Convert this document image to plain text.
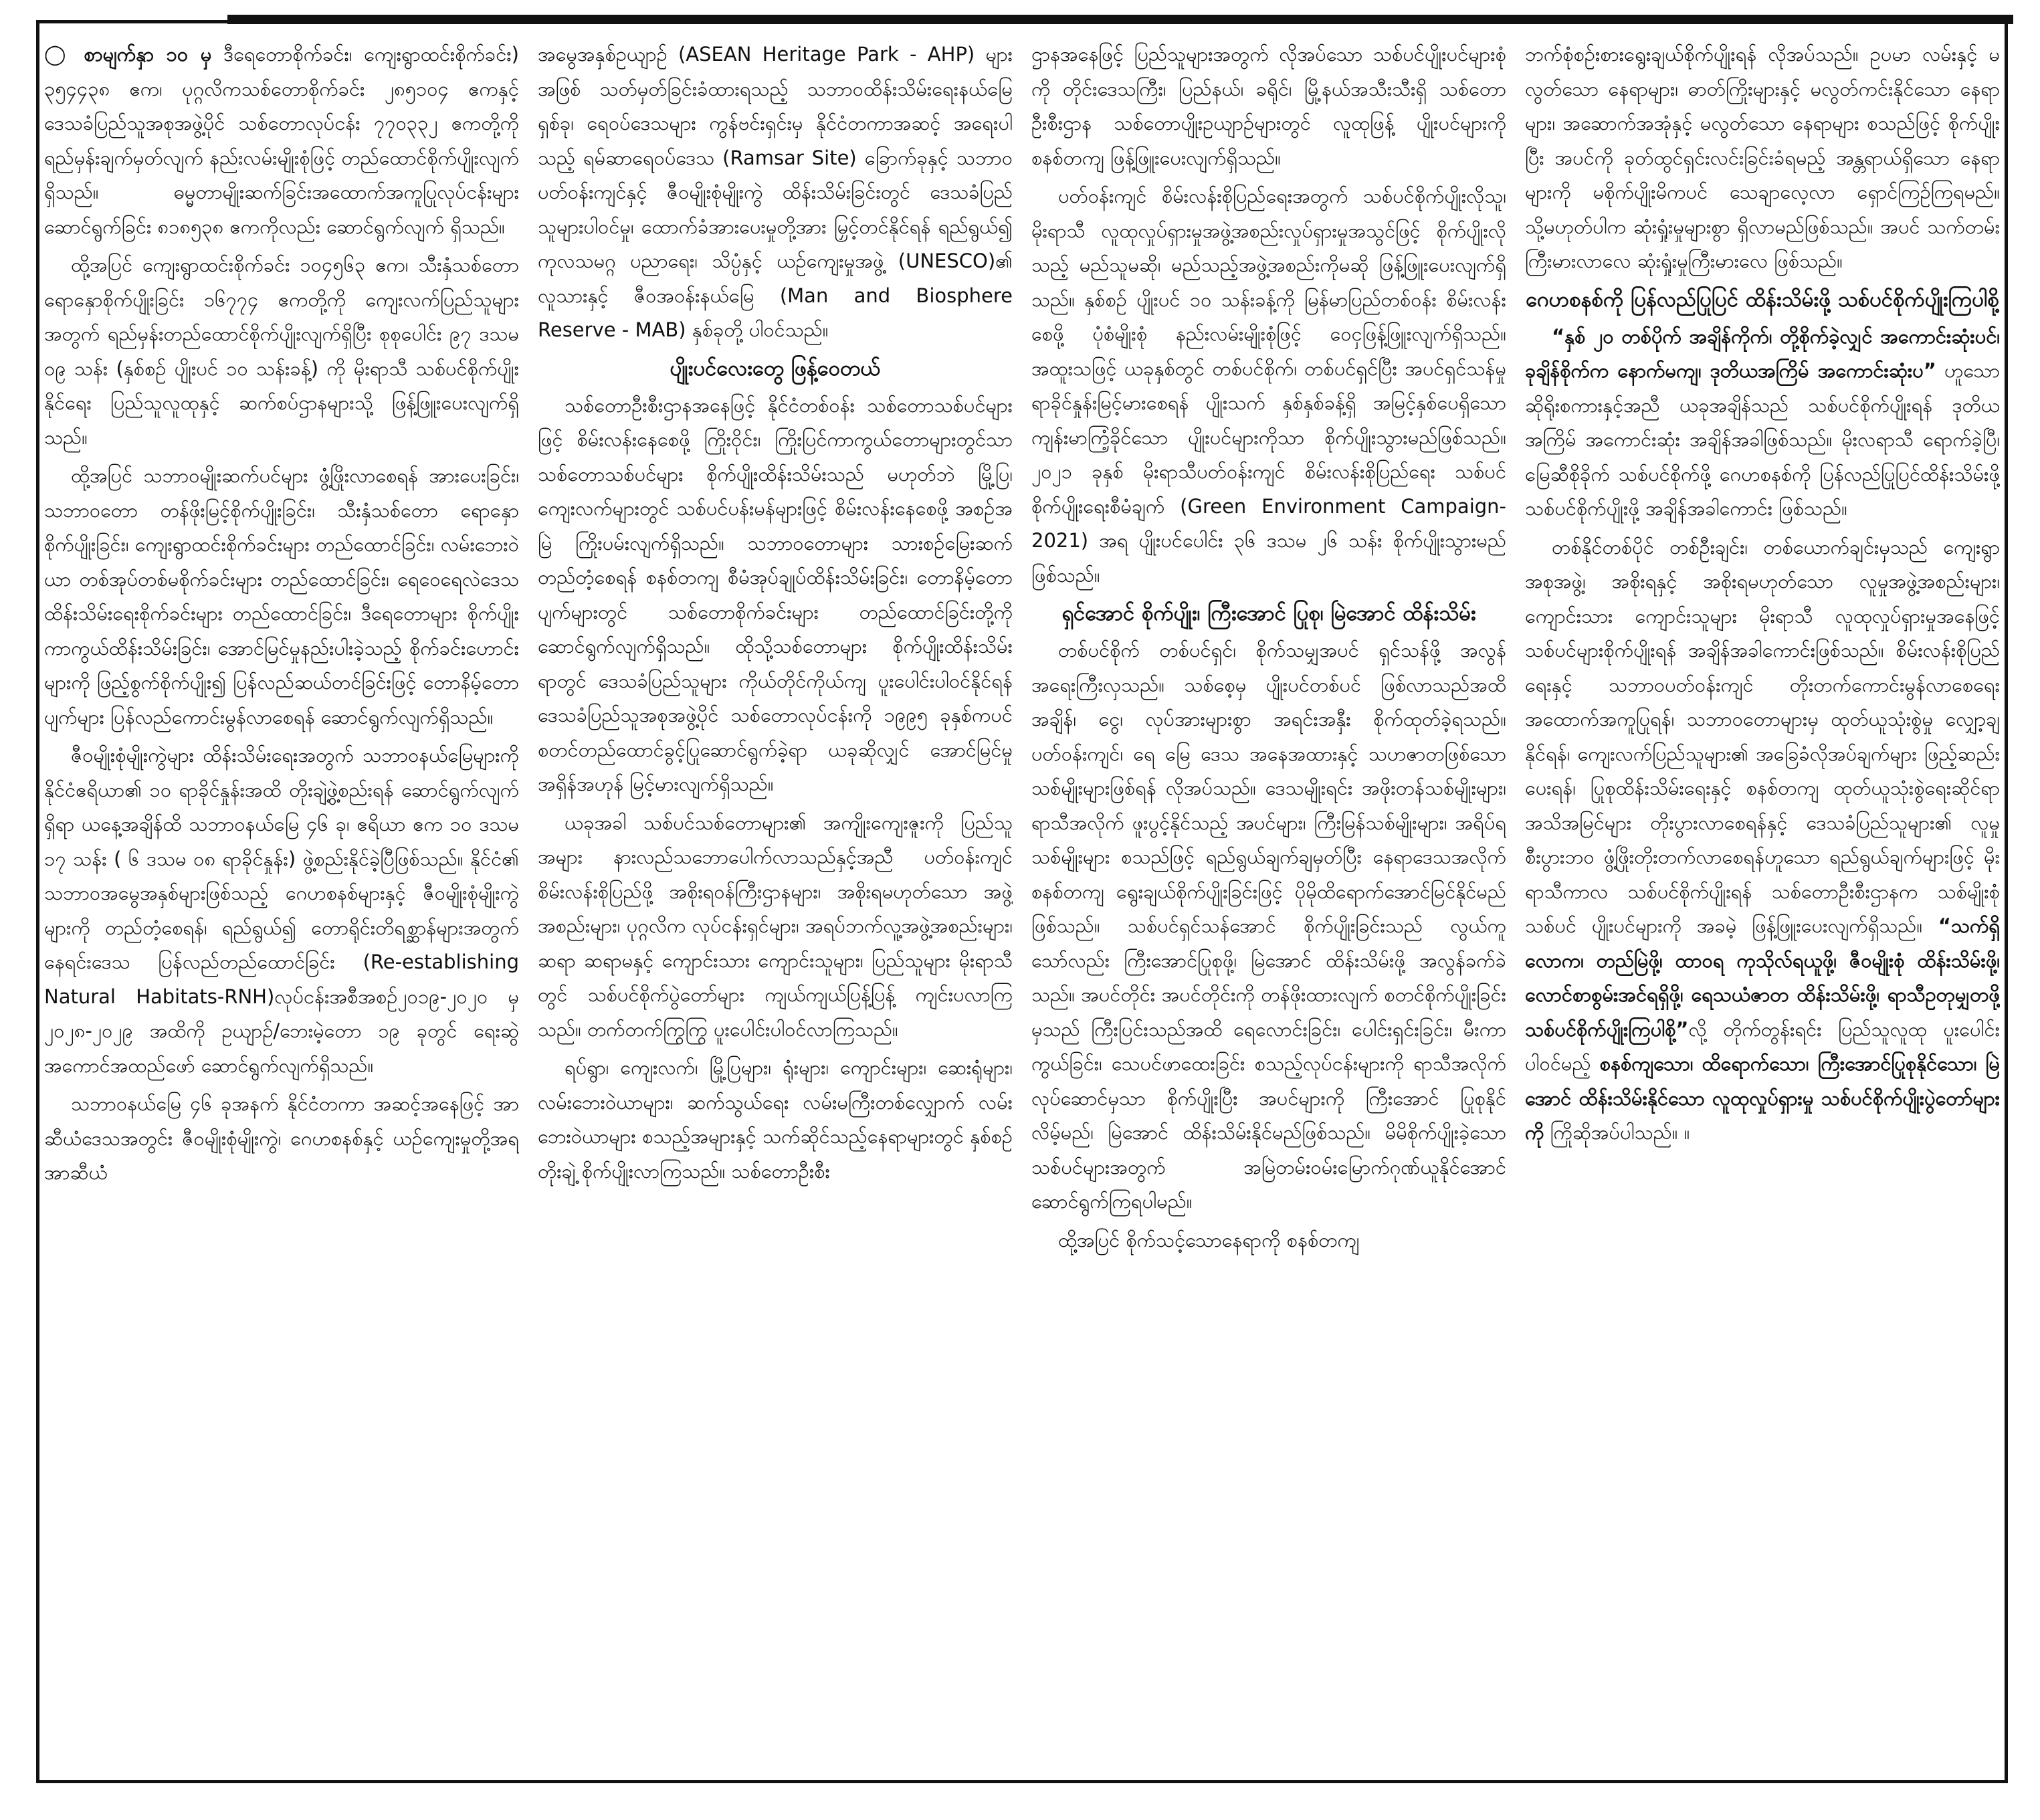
◯ စာမျက်နှာ ၁၀ မှ ဒီရေတောစိုက်ခင်း၊ ကျေးရွာထင်းစိုက်ခင်း) ၃၅၄၄၃၈ ဧက၊ ပုဂ္ဂလိကသစ်တောစိုက်ခင်း ၂၈၅၁၀၄ ဧကနှင့် ဒေသခံပြည်သူအစုအဖွဲ့ပိုင် သစ်တောလုပ်ငန်း ၇၇၀၃၃၂ ဧကတို့ကို ရည်မှန်းချက်မှတ်လျက် နည်းလမ်းမျိုးစုံဖြင့် တည်ထောင်စိုက်ပျိုးလျက်ရှိသည်။ ဓမ္မတာမျိုးဆက်ခြင်းအထောက်အကူပြုလုပ်ငန်းများ ဆောင်ရွက်ခြင်း ၈၁၈၅၃၈ ဧကကိုလည်း ဆောင်ရွက်လျက် ရှိသည်။

ထို့အပြင် ကျေးရွာထင်းစိုက်ခင်း ၁၀၄၅၆၃ ဧက၊ သီးနှံသစ်တောရောနှောစိုက်ပျိုးခြင်း ၁၆၇၇၄ ဧကတို့ကို ကျေးလက်ပြည်သူများအတွက် ရည်မှန်းတည်ထောင်စိုက်ပျိုးလျက်ရှိပြီး စုစုပေါင်း ၉၇ ဒသမ ၀၉ သန်း (နှစ်စဉ် ပျိုးပင် ၁၀ သန်းခန့်) ကို မိုးရာသီ သစ်ပင်စိုက်ပျိုးနိုင်ရေး ပြည်သူလူထုနှင့် ဆက်စပ်ဌာနများသို့ ဖြန့်ဖြူးပေးလျက်ရှိသည်။

ထို့အပြင် သဘာဝမျိုးဆက်ပင်များ ဖွံ့ဖြိုးလာစေရန် အားပေးခြင်း၊ သဘာဝတော တန်ဖိုးမြင့်စိုက်ပျိုးခြင်း၊ သီးနှံသစ်တော ရောနှောစိုက်ပျိုးခြင်း၊ ကျေးရွာထင်းစိုက်ခင်းများ တည်ထောင်ခြင်း၊ လမ်းဘေးဝဲယာ တစ်အုပ်တစ်မစိုက်ခင်းများ တည်ထောင်ခြင်း၊ ရေဝေရေလဲဒေသ ထိန်းသိမ်းရေးစိုက်ခင်းများ တည်ထောင်ခြင်း၊ ဒီရေတောများ စိုက်ပျိုးကာကွယ်ထိန်းသိမ်းခြင်း၊ အောင်မြင်မှုနည်းပါးခဲ့သည့် စိုက်ခင်းဟောင်းများကို ဖြည့်စွက်စိုက်ပျိုး၍ ပြန်လည်ဆယ်တင်ခြင်းဖြင့် တောနိမ့်တောပျက်များ ပြန်လည်ကောင်းမွန်လာစေရန် ဆောင်ရွက်လျက်ရှိသည်။

ဇီဝမျိုးစုံမျိုးကွဲများ ထိန်းသိမ်းရေးအတွက် သဘာဝနယ်မြေများကို နိုင်ငံဧရိယာ၏ ၁၀ ရာခိုင်နှုန်းအထိ တိုးချဲ့ဖွဲ့စည်းရန် ဆောင်ရွက်လျက်ရှိရာ ယနေ့အချိန်ထိ သဘာဝနယ်မြေ ၄၆ ခု၊ ဧရိယာ ဧက ၁၀ ဒသမ ၁၇ သန်း ( ၆ ဒသမ ၀၈ ရာခိုင်နှုန်း) ဖွဲ့စည်းနိုင်ခဲ့ပြီဖြစ်သည်။ နိုင်ငံ၏ သဘာဝအမွေအနှစ်များဖြစ်သည့် ဂေဟစနစ်များနှင့် ဇီဝမျိုးစုံမျိုးကွဲများကို တည်တံ့စေရန်၊ ရည်ရွယ်၍ တောရိုင်းတိရစ္ဆာန်များအတွက် နေရင်းဒေသ ပြန်လည်တည်ထောင်ခြင်း (Re-establishing Natural Habitats-RNH)လုပ်ငန်းအစီအစဉ်၂၀၁၉-၂၀၂၀ မှ ၂၀၂၈-၂၀၂၉ အထိကို ဥယျာဉ်/ဘေးမဲ့တော ၁၉ ခုတွင် ရေးဆွဲအကောင်အထည်ဖော် ဆောင်ရွက်လျက်ရှိသည်။

သဘာဝနယ်မြေ ၄၆ ခုအနက် နိုင်ငံတကာ အဆင့်အနေဖြင့် အာဆီယံဒေသအတွင်း ဇီဝမျိုးစုံမျိုးကွဲ၊ ဂေဟစနစ်နှင့် ယဉ်ကျေးမှုတို့အရ အာဆီယံ

အမွေအနှစ်ဥယျာဉ် (ASEAN Heritage Park - AHP) များအဖြစ် သတ်မှတ်ခြင်းခံထားရသည့် သဘာဝထိန်းသိမ်းရေးနယ်မြေ ရှစ်ခု၊ ရေဝပ်ဒေသများ ကွန်ဗင်းရှင်းမှ နိုင်ငံတကာအဆင့် အရေးပါသည့် ရမ်ဆာရေဝပ်ဒေသ (Ramsar Site) ခြောက်ခုနှင့် သဘာဝပတ်ဝန်းကျင်နှင့် ဇီဝမျိုးစုံမျိုးကွဲ ထိန်းသိမ်းခြင်းတွင် ဒေသခံပြည်သူများပါဝင်မှု၊ ထောက်ခံအားပေးမှုတို့အား မြှင့်တင်နိုင်ရန် ရည်ရွယ်၍ ကုလသမဂ္ဂ ပညာရေး၊ သိပ္ပံနှင့် ယဉ်ကျေးမှုအဖွဲ့ (UNESCO)၏ လူသားနှင့် ဇီဝအဝန်းနယ်မြေ (Man and Biosphere Reserve - MAB) နှစ်ခုတို့ ပါဝင်သည်။

ပျိုးပင်လေးတွေ ဖြန့်ဝေတယ်

သစ်တောဦးစီးဌာနအနေဖြင့် နိုင်ငံတစ်ဝန်း သစ်တောသစ်ပင်များဖြင့် စိမ်းလန်းနေစေဖို့ ကြိုးဝိုင်း၊ ကြိုးပြင်ကာကွယ်တောများတွင်သာ သစ်တောသစ်ပင်များ စိုက်ပျိုးထိန်းသိမ်းသည် မဟုတ်ဘဲ မြို့ပြ၊ ကျေးလက်များတွင် သစ်ပင်ပန်းမန်များဖြင့် စိမ်းလန်းနေစေဖို့ အစဉ်အမြဲ ကြိုးပမ်းလျက်ရှိသည်။ သဘာဝတောများ သားစဉ်မြေးဆက်တည်တံ့စေရန် စနစ်တကျ စီမံအုပ်ချုပ်ထိန်းသိမ်းခြင်း၊ တောနိမ့်တောပျက်များတွင် သစ်တောစိုက်ခင်းများ တည်ထောင်ခြင်းတို့ကို ဆောင်ရွက်လျက်ရှိသည်။ ထိုသို့သစ်တောများ စိုက်ပျိုးထိန်းသိမ်းရာတွင် ဒေသခံပြည်သူများ ကိုယ်တိုင်ကိုယ်ကျ ပူးပေါင်းပါဝင်နိုင်ရန် ဒေသခံပြည်သူအစုအဖွဲ့ပိုင် သစ်တောလုပ်ငန်းကို ၁၉၉၅ ခုနှစ်ကပင် စတင်တည်ထောင်ခွင့်ပြုဆောင်ရွက်ခဲ့ရာ ယခုဆိုလျှင် အောင်မြင်မှု အရှိန်အဟုန် မြင့်မားလျက်ရှိသည်။

ယခုအခါ သစ်ပင်သစ်တောများ၏ အကျိုးကျေးဇူးကို ပြည်သူအများ နားလည်သဘောပေါက်လာသည်နှင့်အညီ ပတ်ဝန်းကျင်စိမ်းလန်းစိုပြည်ဖို့ အစိုးရဝန်ကြီးဌာနများ၊ အစိုးရမဟုတ်သော အဖွဲ့အစည်းများ၊ ပုဂ္ဂလိက လုပ်ငန်းရှင်များ၊ အရပ်ဘက်လူ့အဖွဲ့အစည်းများ၊ ဆရာ ဆရာမနှင့် ကျောင်းသား ကျောင်းသူများ၊ ပြည်သူများ မိုးရာသီတွင် သစ်ပင်စိုက်ပွဲတော်များ ကျယ်ကျယ်ပြန့်ပြန့် ကျင်းပလာကြသည်။ တက်တက်ကြွကြွ ပူးပေါင်းပါဝင်လာကြသည်။

ရပ်ရွာ၊ ကျေးလက်၊ မြို့ပြများ၊ ရုံးများ၊ ကျောင်းများ၊ ဆေးရုံများ၊ လမ်းဘေးဝဲယာများ၊ ဆက်သွယ်ရေး လမ်းမကြီးတစ်လျှောက် လမ်းဘေးဝဲယာများ စသည့်အများနှင့် သက်ဆိုင်သည့်နေရာများတွင် နှစ်စဉ်တိုးချဲ့ စိုက်ပျိုးလာကြသည်။ သစ်တောဦးစီး

ဌာနအနေဖြင့် ပြည်သူများအတွက် လိုအပ်သော သစ်ပင်ပျိုးပင်များစုံကို တိုင်းဒေသကြီး၊ ပြည်နယ်၊ ခရိုင်၊ မြို့နယ်အသီးသီးရှိ သစ်တောဦးစီးဌာန သစ်တောပျိုးဥယျာဉ်များတွင် လူထုဖြန့် ပျိုးပင်များကို စနစ်တကျ ဖြန့်ဖြူးပေးလျက်ရှိသည်။

ပတ်ဝန်းကျင် စိမ်းလန်းစိုပြည်ရေးအတွက် သစ်ပင်စိုက်ပျိုးလိုသူ၊ မိုးရာသီ လူထုလှုပ်ရှားမှုအဖွဲ့အစည်းလှုပ်ရှားမှုအသွင်ဖြင့် စိုက်ပျိုးလိုသည့် မည်သူမဆို၊ မည်သည့်အဖွဲ့အစည်းကိုမဆို ဖြန့်ဖြူးပေးလျက်ရှိသည်။ နှစ်စဉ် ပျိုးပင် ၁၀ သန်းခန့်ကို မြန်မာပြည်တစ်ဝန်း စိမ်းလန်းစေဖို့ ပုံစံမျိုးစုံ နည်းလမ်းမျိုးစုံဖြင့် ဝေငှဖြန့်ဖြူးလျက်ရှိသည်။ အထူးသဖြင့် ယခုနှစ်တွင် တစ်ပင်စိုက်၊ တစ်ပင်ရှင်ပြီး အပင်ရှင်သန်မှု ရာခိုင်နှုန်းမြင့်မားစေရန် ပျိုးသက် နှစ်နှစ်ခန့်ရှိ အမြင့်နှစ်ပေရှိသော ကျန်းမာကြံ့ခိုင်သော ပျိုးပင်များကိုသာ စိုက်ပျိုးသွားမည်ဖြစ်သည်။ ၂၀၂၁ ခုနှစ် မိုးရာသီပတ်ဝန်းကျင် စိမ်းလန်းစိုပြည်ရေး သစ်ပင်စိုက်ပျိုးရေးစီမံချက် (Green Environment Campaign-2021) အရ ပျိုးပင်ပေါင်း ၃၆ ဒသမ ၂၆ သန်း စိုက်ပျိုးသွားမည်ဖြစ်သည်။

ရှင်အောင် စိုက်ပျိုး၊ ကြီးအောင် ပြုစု၊ မြဲအောင် ထိန်းသိမ်း

တစ်ပင်စိုက် တစ်ပင်ရှင်၊ စိုက်သမျှအပင် ရှင်သန်ဖို့ အလွန်အရေးကြီးလှသည်။ သစ်စေ့မှ ပျိုးပင်တစ်ပင် ဖြစ်လာသည်အထိ အချိန်၊ ငွေ၊ လုပ်အားများစွာ အရင်းအနှီး စိုက်ထုတ်ခဲ့ရသည်။ ပတ်ဝန်းကျင်၊ ရေ မြေ ဒေသ အနေအထားနှင့် သဟဇာတဖြစ်သော သစ်မျိုးများဖြစ်ရန် လိုအပ်သည်။ ဒေသမျိုးရင်း အဖိုးတန်သစ်မျိုးများ၊ ရာသီအလိုက် ဖူးပွင့်နိုင်သည့် အပင်များ၊ ကြီးမြန်သစ်မျိုးများ၊ အရိပ်ရသစ်မျိုးများ စသည်ဖြင့် ရည်ရွယ်ချက်ချမှတ်ပြီး နေရာဒေသအလိုက် စနစ်တကျ ရွေးချယ်စိုက်ပျိုးခြင်းဖြင့် ပိုမိုထိရောက်အောင်မြင်နိုင်မည်ဖြစ်သည်။ သစ်ပင်ရှင်သန်အောင် စိုက်ပျိုးခြင်းသည် လွယ်ကူသော်လည်း ကြီးအောင်ပြုစုဖို့၊ မြဲအောင် ထိန်းသိမ်းဖို့ အလွန်ခက်ခဲသည်။ အပင်တိုင်း အပင်တိုင်းကို တန်ဖိုးထားလျက် စတင်စိုက်ပျိုးခြင်းမှသည် ကြီးပြင်းသည်အထိ ရေလောင်းခြင်း၊ ပေါင်းရှင်းခြင်း၊ မီးကာကွယ်ခြင်း၊ သေပင်ဖာထေးခြင်း စသည့်လုပ်ငန်းများကို ရာသီအလိုက် လုပ်ဆောင်မှသာ စိုက်ပျိုးပြီး အပင်များကို ကြီးအောင် ပြုစုနိုင်လိမ့်မည်၊ မြဲအောင် ထိန်းသိမ်းနိုင်မည်ဖြစ်သည်။ မိမိစိုက်ပျိုးခဲ့သော သစ်ပင်များအတွက် အမြဲတမ်းဝမ်းမြောက်ဂုဏ်ယူနိုင်အောင် ဆောင်ရွက်ကြရပါမည်။

ထို့အပြင် စိုက်သင့်သောနေရာကို စနစ်တကျ

ဘက်စုံစဉ်းစားရွေးချယ်စိုက်ပျိုးရန် လိုအပ်သည်။ ဥပမာ လမ်းနှင့် မလွတ်သော နေရာများ၊ ဓာတ်ကြိုးများနှင့် မလွတ်ကင်းနိုင်သော နေရာများ၊ အဆောက်အအုံနှင့် မလွတ်သော နေရာများ စသည်ဖြင့် စိုက်ပျိုးပြီး အပင်ကို ခုတ်ထွင်ရှင်းလင်းခြင်းခံရမည့် အန္တရာယ်ရှိသော နေရာများကို မစိုက်ပျိုးမိကပင် သေချာလေ့လာ ရှောင်ကြဉ်ကြရမည်။ သို့မဟုတ်ပါက ဆုံးရှုံးမှုများစွာ ရှိလာမည်ဖြစ်သည်။ အပင် သက်တမ်းကြီးမားလာလေ ဆုံးရှုံးမှုကြီးမားလေ ဖြစ်သည်။

ဂေဟစနစ်ကို ပြန်လည်ပြုပြင် ထိန်းသိမ်းဖို့ သစ်ပင်စိုက်ပျိုးကြပါစို့

“နှစ် ၂၀ တစ်ပိုက် အချိန်ကိုက်၊ တို့စိုက်ခဲ့လျှင် အကောင်းဆုံးပင်၊ ခုချိန်စိုက်က နောက်မကျ၊ ဒုတိယအကြိမ် အကောင်းဆုံးပ” ဟူသော ဆိုရိုးစကားနှင့်အညီ ယခုအချိန်သည် သစ်ပင်စိုက်ပျိုးရန် ဒုတိယအကြိမ် အကောင်းဆုံး အချိန်အခါဖြစ်သည်။ မိုးလရာသီ ရောက်ခဲ့ပြီ၊ မြေဆီစိုခိုက် သစ်ပင်စိုက်ဖို့ ဂေဟစနစ်ကို ပြန်လည်ပြုပြင်ထိန်းသိမ်းဖို့ သစ်ပင်စိုက်ပျိုးဖို့ အချိန်အခါကောင်း ဖြစ်သည်။

တစ်နိုင်တစ်ပိုင် တစ်ဦးချင်း၊ တစ်ယောက်ချင်းမှသည် ကျေးရွာအစုအဖွဲ့၊ အစိုးရနှင့် အစိုးရမဟုတ်သော လူမှုအဖွဲ့အစည်းများ၊ ကျောင်းသား ကျောင်းသူများ မိုးရာသီ လူထုလှုပ်ရှားမှုအနေဖြင့် သစ်ပင်များစိုက်ပျိုးရန် အချိန်အခါကောင်းဖြစ်သည်။ စိမ်းလန်းစိုပြည်ရေးနှင့် သဘာဝပတ်ဝန်းကျင် တိုးတက်ကောင်းမွန်လာစေရေး အထောက်အကူပြုရန်၊ သဘာဝတောများမှ ထုတ်ယူသုံးစွဲမှု လျှော့ချနိုင်ရန်၊ ကျေးလက်ပြည်သူများ၏ အခြေခံလိုအပ်ချက်များ ဖြည့်ဆည်းပေးရန်၊ ပြုစုထိန်းသိမ်းရေးနှင့် စနစ်တကျ ထုတ်ယူသုံးစွဲရေးဆိုင်ရာ အသိအမြင်များ တိုးပွားလာစေရန်နှင့် ဒေသခံပြည်သူများ၏ လူမှုစီးပွားဘဝ ဖွံ့ဖြိုးတိုးတက်လာစေရန်ဟူသော ရည်ရွယ်ချက်များဖြင့် မိုးရာသီကာလ သစ်ပင်စိုက်ပျိုးရန် သစ်တောဦးစီးဌာနက သစ်မျိုးစုံသစ်ပင် ပျိုးပင်များကို အခမဲ့ ဖြန့်ဖြူးပေးလျက်ရှိသည်။ “သက်ရှိလောက၊ တည်မြဲဖို့၊ ထာဝရ ကုသိုလ်ရယူဖို့၊ ဇီဝမျိုးစုံ ထိန်းသိမ်းဖို့၊ လောင်စာစွမ်းအင်ရရှိဖို့၊ ရေသယံဇာတ ထိန်းသိမ်းဖို့၊ ရာသီဥတုမျှတဖို့ သစ်ပင်စိုက်ပျိုးကြပါစို့”လို့ တိုက်တွန်းရင်း ပြည်သူလူထု ပူးပေါင်းပါဝင်မည့် စနစ်ကျသော၊ ထိရောက်သော၊ ကြီးအောင်ပြုစုနိုင်သော၊ မြဲအောင် ထိန်းသိမ်းနိုင်သော လူထုလှုပ်ရှားမှု သစ်ပင်စိုက်ပျိုးပွဲတော်များကို ကြိုဆိုအပ်ပါသည်။ ။
